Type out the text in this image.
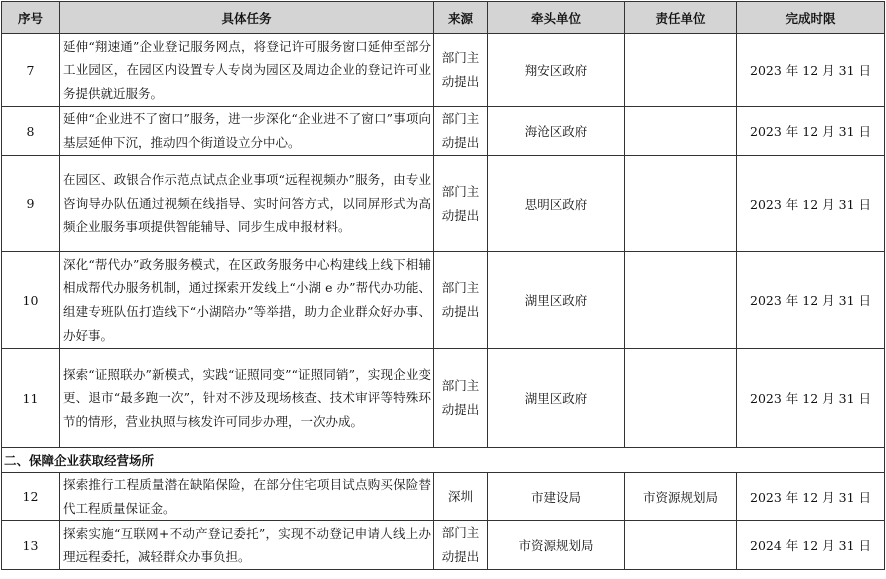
序号	具体任务	来源	牵头单位	责任单位	完成时限
7	延伸“翔速通”企业登记服务网点，将登记许可服务窗口延伸至部分工业园区，在园区内设置专人专岗为园区及周边企业的登记许可业务提供就近服务。	部门主动提出	翔安区政府		2023 年 12 月 31 日
8	延伸“企业进不了窗口”服务，进一步深化“企业进不了窗口”事项向基层延伸下沉，推动四个街道设立分中心。	部门主动提出	海沧区政府		2023 年 12 月 31 日
9	在园区、政银合作示范点试点企业事项“远程视频办”服务，由专业咨询导办队伍通过视频在线指导、实时问答方式，以同屏形式为高频企业服务事项提供智能辅导、同步生成申报材料。	部门主动提出	思明区政府		2023 年 12 月 31 日
10	深化“帮代办”政务服务模式，在区政务服务中心构建线上线下相辅相成帮代办服务机制，通过探索开发线上“小湖 e 办”帮代办功能、组建专班队伍打造线下“小湖陪办”等举措，助力企业群众好办事、办好事。	部门主动提出	湖里区政府		2023 年 12 月 31 日
11	探索“证照联办”新模式，实践“证照同变”“证照同销”，实现企业变更、退市“最多跑一次”，针对不涉及现场核查、技术审评等特殊环节的情形，营业执照与核发许可同步办理，一次办成。	部门主动提出	湖里区政府		2023 年 12 月 31 日
二、保障企业获取经营场所					
12	探索推行工程质量潜在缺陷保险，在部分住宅项目试点购买保险替代工程质量保证金。	深圳	市建设局	市资源规划局	2023 年 12 月 31 日
13	探索实施“互联网+不动产登记委托”，实现不动登记申请人线上办理远程委托，减轻群众办事负担。	部门主动提出	市资源规划局		2024 年 12 月 31 日
